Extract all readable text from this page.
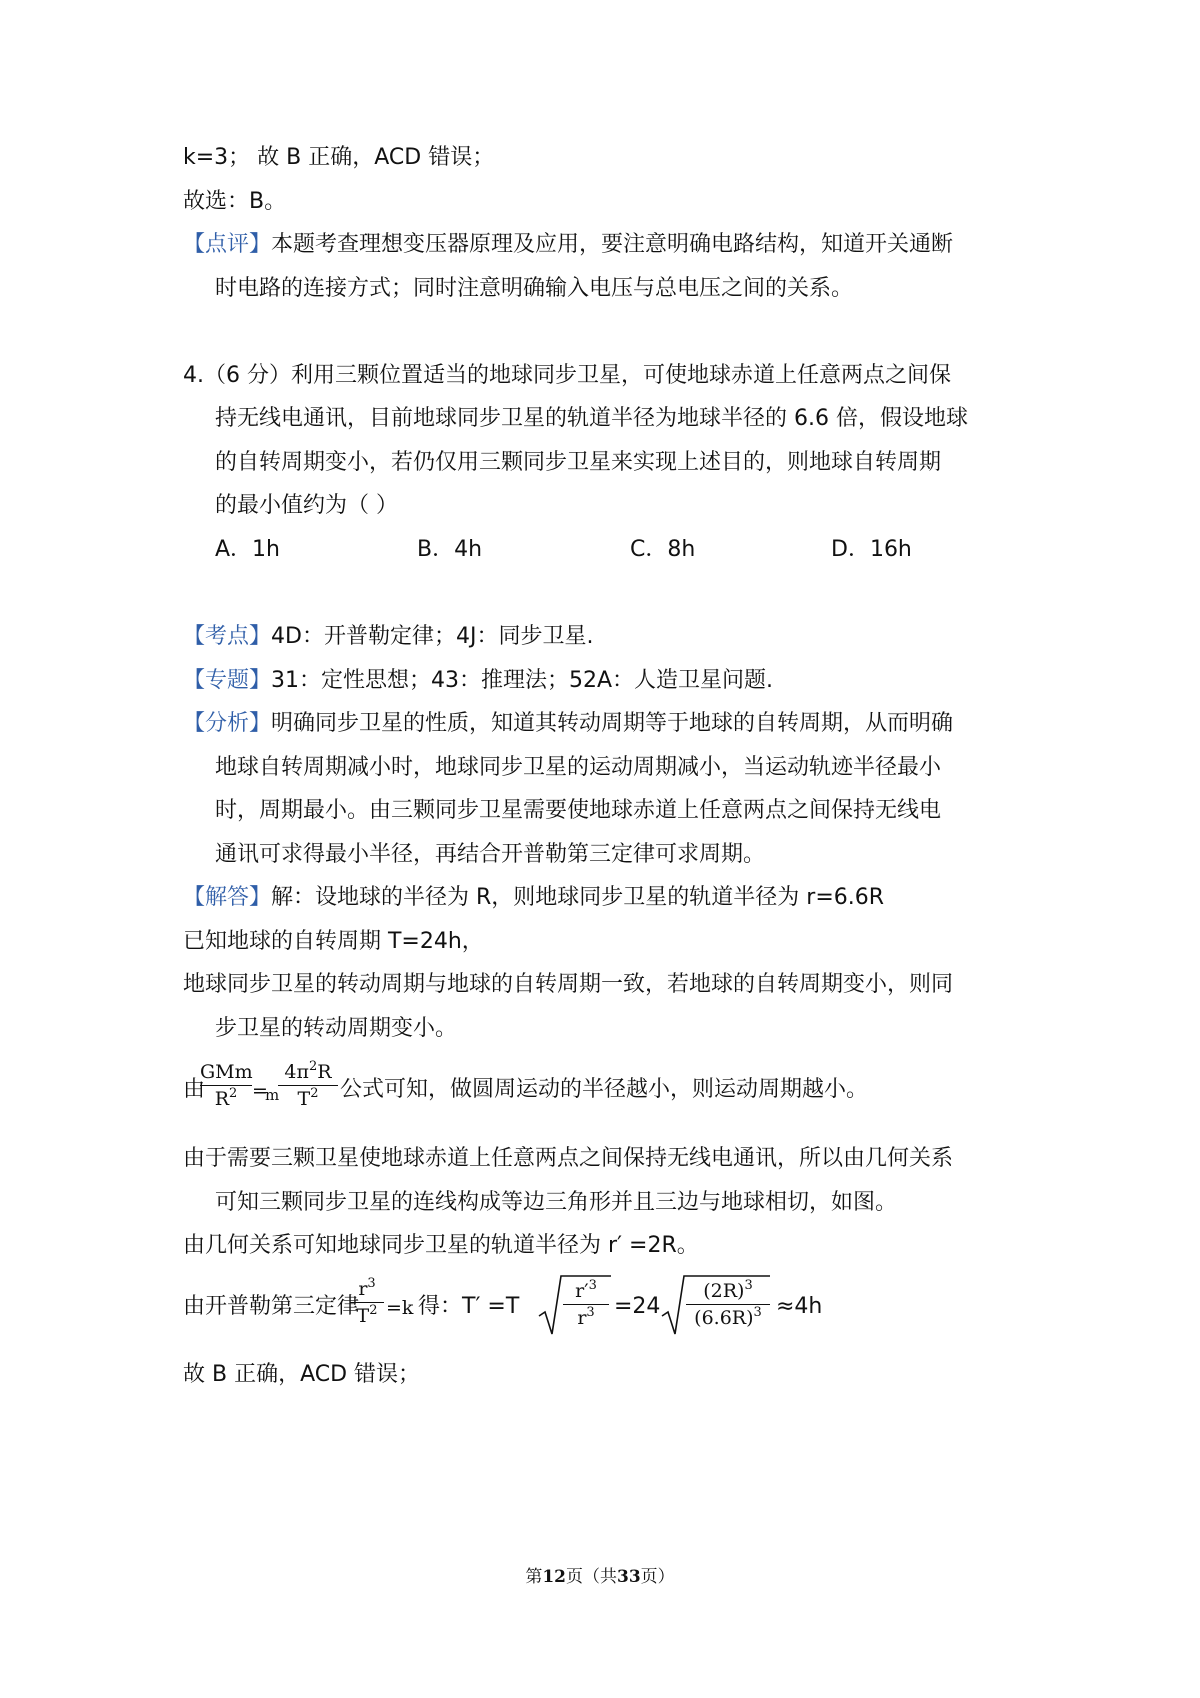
k=3； 故 B 正确，ACD 错误；
故选：B。
【点评】本题考查理想变压器原理及应用，要注意明确电路结构，知道开关通断
时电路的连接方式；同时注意明确输入电压与总电压之间的关系。
4.（6 分）利用三颗位置适当的地球同步卫星，可使地球赤道上任意两点之间保
持无线电通讯，目前地球同步卫星的轨道半径为地球半径的 6.6 倍，假设地球
的自转周期变小，若仍仅用三颗同步卫星来实现上述目的，则地球自转周期
的最小值约为（ ）
A．1h	B．4h	C．8h	D．16h
【考点】4D：开普勒定律；4J：同步卫星.
【专题】31：定性思想；43：推理法；52A：人造卫星问题.
【分析】明确同步卫星的性质，知道其转动周期等于地球的自转周期，从而明确
地球自转周期减小时，地球同步卫星的运动周期减小，当运动轨迹半径最小
时，周期最小。由三颗同步卫星需要使地球赤道上任意两点之间保持无线电
通讯可求得最小半径，再结合开普勒第三定律可求周期。
【解答】解：设地球的半径为 R，则地球同步卫星的轨道半径为 r=6.6R
已知地球的自转周期 T=24h，
地球同步卫星的转动周期与地球的自转周期一致，若地球的自转周期变小，则同
步卫星的转动周期变小。
由
GMm
$R^2$ =
m
$4\pi^2R$
$T^2$ 公式可知，做圆周运动的半径越小，则运动周期越小。
由于需要三颗卫星使地球赤道上任意两点之间保持无线电通讯，所以由几何关系
可知三颗同步卫星的连线构成等边三角形并且三边与地球相切，如图。
由几何关系可知地球同步卫星的轨道半径为 r′ =2R。
由开普勒第三定律
$r^3$
$T^2 =k$ 得：T′ =T
$r'^3$
$r^3 =24$
$(2R)^3$
$(6.6R)^3 \approx 4h$
故 B 正确，ACD 错误；
第12页（共33页）
